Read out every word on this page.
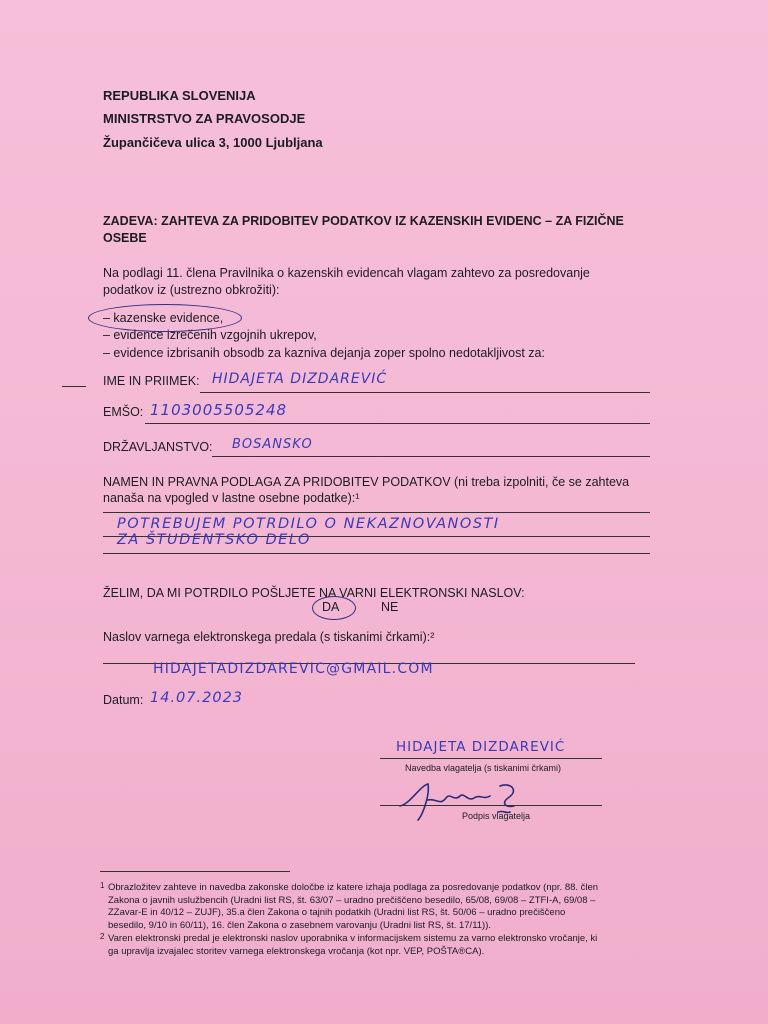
REPUBLIKA SLOVENIJA
MINISTRSTVO ZA PRAVOSODJE
Župančičeva ulica 3, 1000 Ljubljana
ZADEVA: ZAHTEVA ZA PRIDOBITEV PODATKOV IZ KAZENSKIH EVIDENC – ZA FIZIČNE
OSEBE
Na podlagi 11. člena Pravilnika o kazenskih evidencah vlagam zahtevo za posredovanje
podatkov iz (ustrezno obkrožiti):
– kazenske evidence,
– evidence izrečenih vzgojnih ukrepov,
– evidence izbrisanih obsodb za kazniva dejanja zoper spolno nedotakljivost za:
IME IN PRIIMEK: HIDAJETA DIZDAREVIĆ
EMŠO: 1103005505248
DRŽAVLJANSTVO: BOSANSKO
NAMEN IN PRAVNA PODLAGA ZA PRIDOBITEV PODATKOV (ni treba izpolniti, če se zahteva
nanaša na vpogled v lastne osebne podatke):¹
POTREBUJEM POTRDILO O NEKAZNOVANOSTI
ZA ŠTUDENTSKO DELO
ŽELIM, DA MI POTRDILO POŠLJETE NA VARNI ELEKTRONSKI NASLOV:
DA	NE
Naslov varnega elektronskega predala (s tiskanimi črkami):²
HIDAJETADIZDAREVIC@GMAIL.COM
Datum: 14.07.2023
HIDAJETA DIZDAREVIĆ
Navedba vlagatelja (s tiskanimi črkami)
Podpis vlagatelja
1 Obrazložitev zahteve in navedba zakonske določbe iz katere izhaja podlaga za posredovanje podatkov (npr. 88. člen
Zakona o javnih uslužbencih (Uradni list RS, št. 63/07 – uradno prečiščeno besedilo, 65/08, 69/08 – ZTFI-A, 69/08 –
ZZavar-E in 40/12 – ZUJF), 35.a člen Zakona o tajnih podatkih (Uradni list RS, št. 50/06 – uradno prečiščeno
besedilo, 9/10 in 60/11), 16. člen Zakona o zasebnem varovanju (Uradni list RS, št. 17/11)).
2 Varen elektronski predal je elektronski naslov uporabnika v informacijskem sistemu za varno elektronsko vročanje, ki
ga upravlja izvajalec storitev varnega elektronskega vročanja (kot npr. VEP, POŠTA®CA).
